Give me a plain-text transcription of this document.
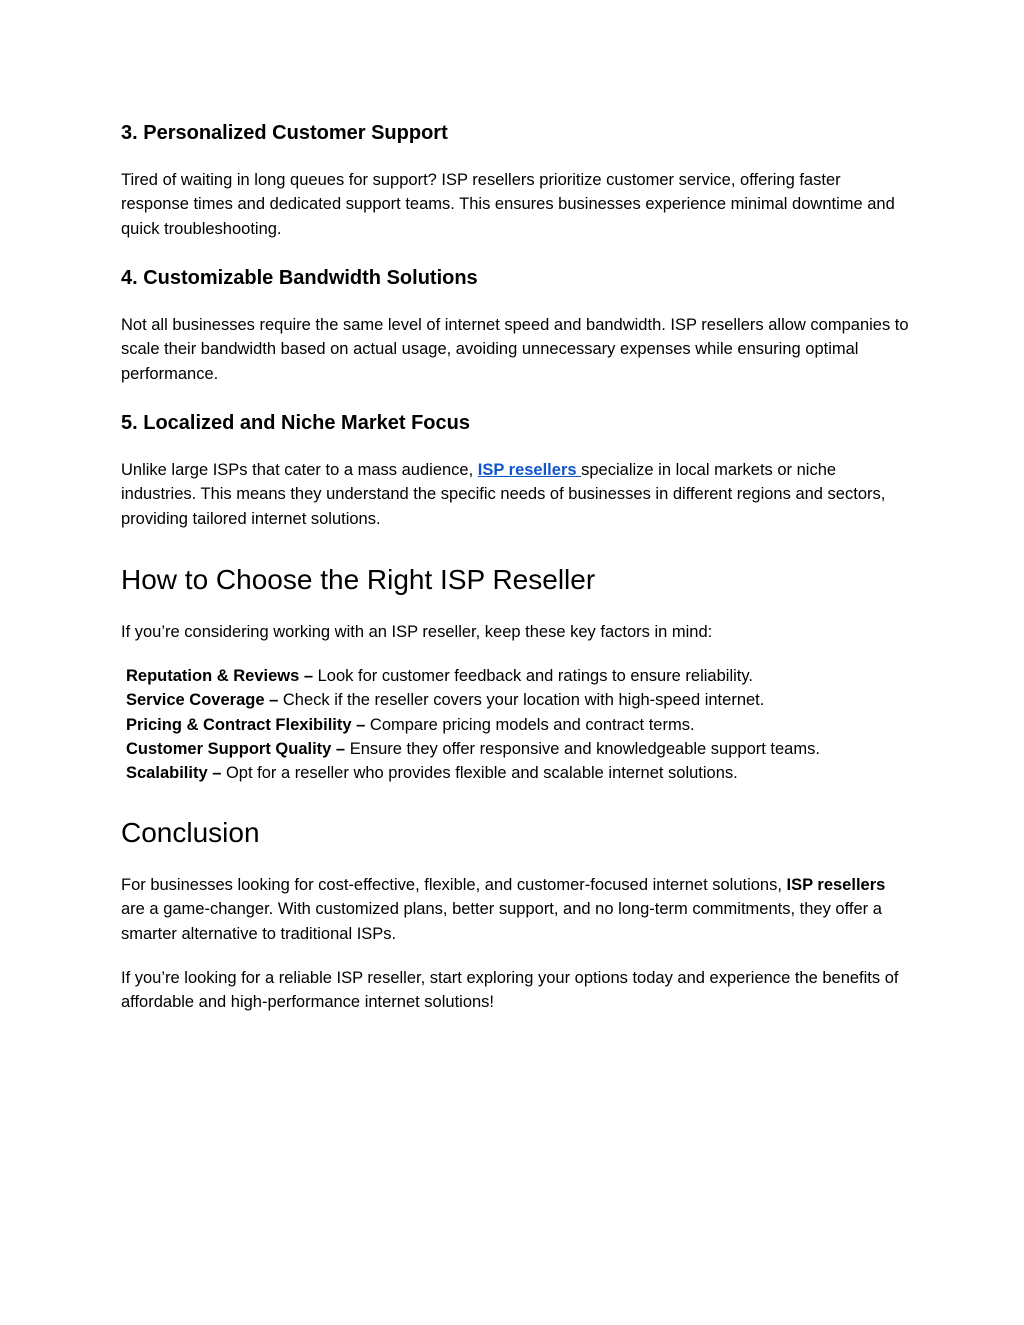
3. Personalized Customer Support

Tired of waiting in long queues for support? ISP resellers prioritize customer service, offering faster response times and dedicated support teams. This ensures businesses experience minimal downtime and quick troubleshooting.

4. Customizable Bandwidth Solutions

Not all businesses require the same level of internet speed and bandwidth. ISP resellers allow companies to scale their bandwidth based on actual usage, avoiding unnecessary expenses while ensuring optimal performance.

5. Localized and Niche Market Focus

Unlike large ISPs that cater to a mass audience, ISP resellers specialize in local markets or niche industries. This means they understand the specific needs of businesses in different regions and sectors, providing tailored internet solutions.

How to Choose the Right ISP Reseller

If you’re considering working with an ISP reseller, keep these key factors in mind:

Reputation & Reviews – Look for customer feedback and ratings to ensure reliability.
Service Coverage – Check if the reseller covers your location with high-speed internet.
Pricing & Contract Flexibility – Compare pricing models and contract terms.
Customer Support Quality – Ensure they offer responsive and knowledgeable support teams.
Scalability – Opt for a reseller who provides flexible and scalable internet solutions.
Conclusion

For businesses looking for cost-effective, flexible, and customer-focused internet solutions, ISP resellers are a game-changer. With customized plans, better support, and no long-term commitments, they offer a smarter alternative to traditional ISPs.

If you’re looking for a reliable ISP reseller, start exploring your options today and experience the benefits of affordable and high-performance internet solutions!
